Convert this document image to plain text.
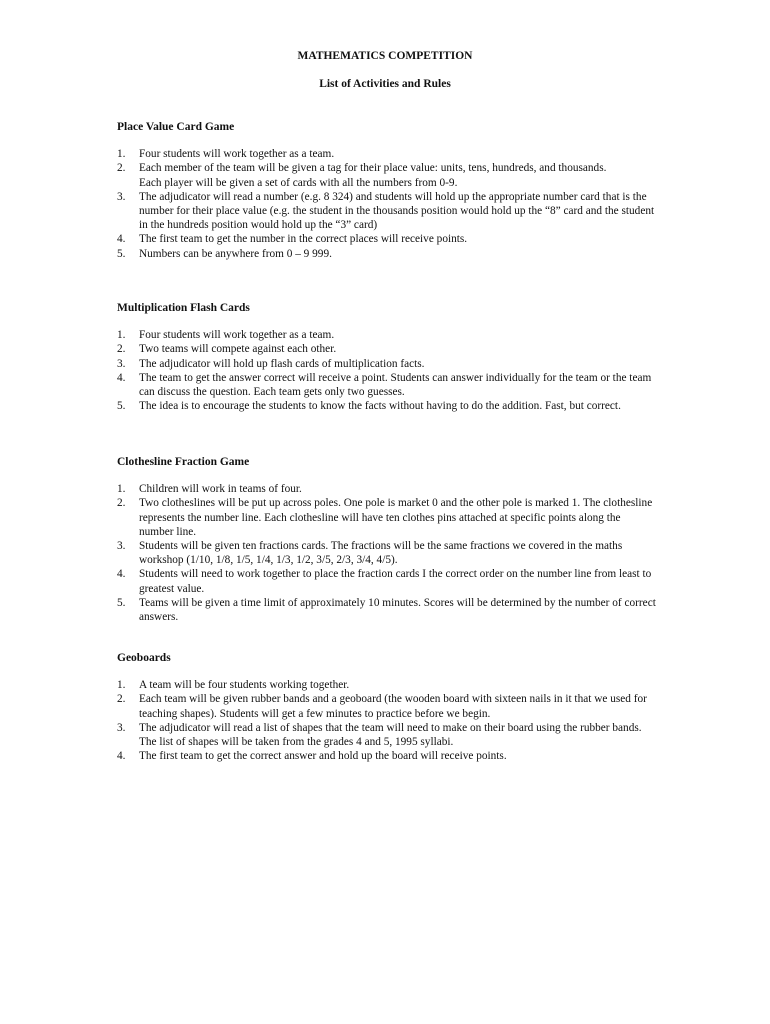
MATHEMATICS COMPETITION
List of Activities and Rules
Place Value Card Game
1.	Four students will work together as a team.
2.	Each member of the team will be given a tag for their place value: units, tens, hundreds, and thousands.
Each player will be given a set of cards with all the numbers from 0-9.
3.	The adjudicator will read a number (e.g. 8 324) and students will hold up the appropriate number card that is the number for their place value (e.g. the student in the thousands position would hold up the “8” card and the student in the hundreds position would hold up the “3” card)
4.	The first team to get the number in the correct places will receive points.
5.	Numbers can be anywhere from 0 – 9 999.
Multiplication Flash Cards
1.	Four students will work together as a team.
2.	Two teams will compete against each other.
3.	The adjudicator will hold up flash cards of multiplication facts.
4.	The team to get the answer correct will receive a point. Students can answer individually for the team or the team can discuss the question. Each team gets only two guesses.
5.	The idea is to encourage the students to know the facts without having to do the addition. Fast, but correct.
Clothesline Fraction Game
1.	Children will work in teams of four.
2.	Two clotheslines will be put up across poles. One pole is market 0 and the other pole is marked 1. The clothesline represents the number line. Each clothesline will have ten clothes pins attached at specific points along the number line.
3.	Students will be given ten fractions cards. The fractions will be the same fractions we covered in the maths workshop (1/10, 1/8, 1/5, 1/4, 1/3, 1/2, 3/5, 2/3, 3/4, 4/5).
4.	Students will need to work together to place the fraction cards I the correct order on the number line from least to greatest value.
5.	Teams will be given a time limit of approximately 10 minutes. Scores will be determined by the number of correct answers.
Geoboards
1.	A team will be four students working together.
2.	Each team will be given rubber bands and a geoboard (the wooden board with sixteen nails in it that we used for teaching shapes). Students will get a few minutes to practice before we begin.
3.	The adjudicator will read a list of shapes that the team will need to make on their board using the rubber bands. The list of shapes will be taken from the grades 4 and 5, 1995 syllabi.
4.	The first team to get the correct answer and hold up the board will receive points.
